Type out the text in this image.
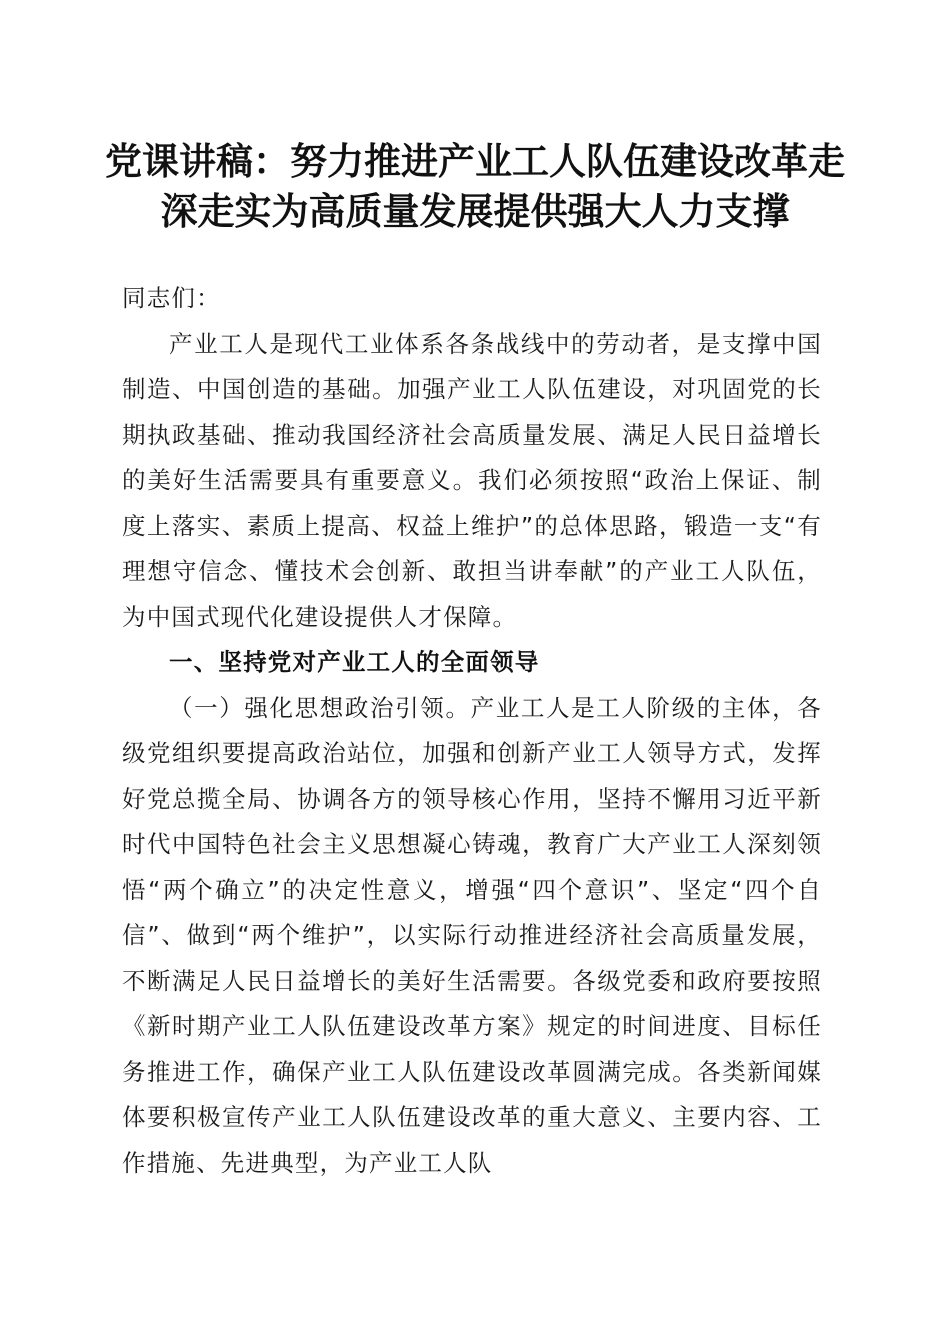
党课讲稿：努力推进产业工人队伍建设改革走
深走实为高质量发展提供强大人力支撑

同志们：

产业工人是现代工业体系各条战线中的劳动者，是支撑中国制造、中国创造的基础。加强产业工人队伍建设，对巩固党的长期执政基础、推动我国经济社会高质量发展、满足人民日益增长的美好生活需要具有重要意义。我们必须按照“政治上保证、制度上落实、素质上提高、权益上维护”的总体思路，锻造一支“有理想守信念、懂技术会创新、敢担当讲奉献”的产业工人队伍，为中国式现代化建设提供人才保障。

一、坚持党对产业工人的全面领导

（一）强化思想政治引领。产业工人是工人阶级的主体，各级党组织要提高政治站位，加强和创新产业工人领导方式，发挥好党总揽全局、协调各方的领导核心作用，坚持不懈用习近平新时代中国特色社会主义思想凝心铸魂，教育广大产业工人深刻领悟“两个确立”的决定性意义，增强“四个意识”、坚定“四个自信”、做到“两个维护”，以实际行动推进经济社会高质量发展，不断满足人民日益增长的美好生活需要。各级党委和政府要按照《新时期产业工人队伍建设改革方案》规定的时间进度、目标任务推进工作，确保产业工人队伍建设改革圆满完成。各类新闻媒体要积极宣传产业工人队伍建设改革的重大意义、主要内容、工作措施、先进典型，为产业工人队
